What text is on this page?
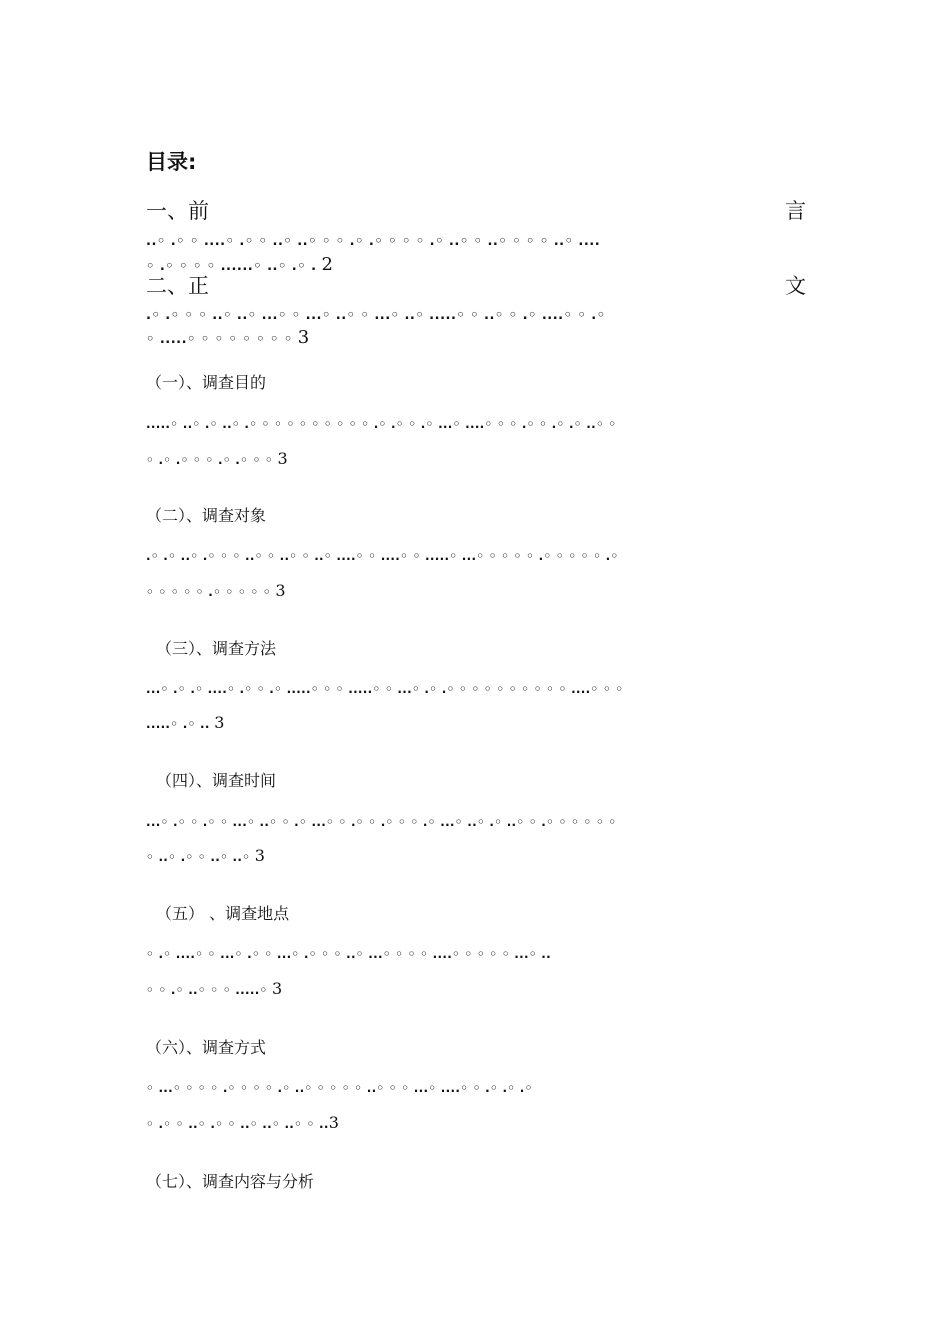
目录:
一、前	言
..◦ .◦ ◦ ....◦ .◦ ◦ ..◦ ..◦ ◦ ◦ .◦ .◦ ◦ ◦ ◦ .◦ ..◦ ◦ ..◦ ◦ ◦ ◦ ..◦ ....
◦ .◦ ◦ ◦ ◦ ......◦ ..◦ .◦ . 2
二、正	文
.◦ .◦ ◦ ◦ ..◦ ..◦ ...◦ ◦ ...◦ ..◦ ◦ ...◦ ..◦ .....◦ ◦ ..◦ ◦ .◦ ....◦ ◦ .◦
◦ .....◦ ◦ ◦ ◦ ◦ ◦ ◦ ◦ 3
（一）、调查目的
.....◦ ..◦ .◦ ..◦ .◦ ◦ ◦ ◦ ◦ ◦ ◦ ◦ ◦ ◦ .◦ .◦ ◦ .◦ ...◦ ....◦ ◦ ◦ .◦ ◦ .◦ .◦ ..◦ ◦
◦ .◦ .◦ ◦ ◦ .◦ .◦ ◦ ◦ 3
（二）、调查对象
.◦ .◦ ..◦ .◦ ◦ ◦ ..◦ ◦ ..◦ ◦ ..◦ ....◦ ◦ ....◦ ◦ .....◦ ...◦ ◦ ◦ ◦ ◦ .◦ ◦ ◦ ◦ ◦ .◦
◦ ◦ ◦ ◦ ◦ .◦ ◦ ◦ ◦ ◦ 3
（三）、调查方法
...◦ .◦ .◦ ....◦ .◦ ◦ .◦ .....◦ ◦ ◦ .....◦ ◦ ...◦ .◦ .◦ ◦ ◦ ◦ ◦ ◦ ◦ ◦ ◦ ◦ ....◦ ◦ ◦
.....◦ .◦ .. 3
（四）、调查时间
...◦ .◦ ◦ .◦ ◦ ...◦ ..◦ ◦ .◦ ...◦ ◦ .◦ ◦ .◦ ◦ ◦ .◦ ...◦ ..◦ .◦ ..◦ ◦ .◦ ◦ ◦ ◦ ◦ ◦
◦ ..◦ .◦ ◦ ..◦ ..◦ 3
（五） 、调查地点
◦ .◦ ....◦ ◦ ...◦ .◦ ◦ ...◦ .◦ ◦ ◦ ..◦ ...◦ ◦ ◦ ◦ ....◦ ◦ ◦ ◦ ◦ ...◦ ..
◦ ◦ .◦ ..◦ ◦ ◦ .....◦ 3
（六）、调查方式
◦ ...◦ ◦ ◦ ◦ .◦ ◦ ◦ ◦ .◦ ..◦ ◦ ◦ ◦ ◦ ..◦ ◦ ◦ ...◦ ....◦ ◦ .◦ .◦ .◦
◦ .◦ ◦ ..◦ .◦ ◦ ..◦ ..◦ ..◦ ◦ ..3
（七）、调查内容与分析
